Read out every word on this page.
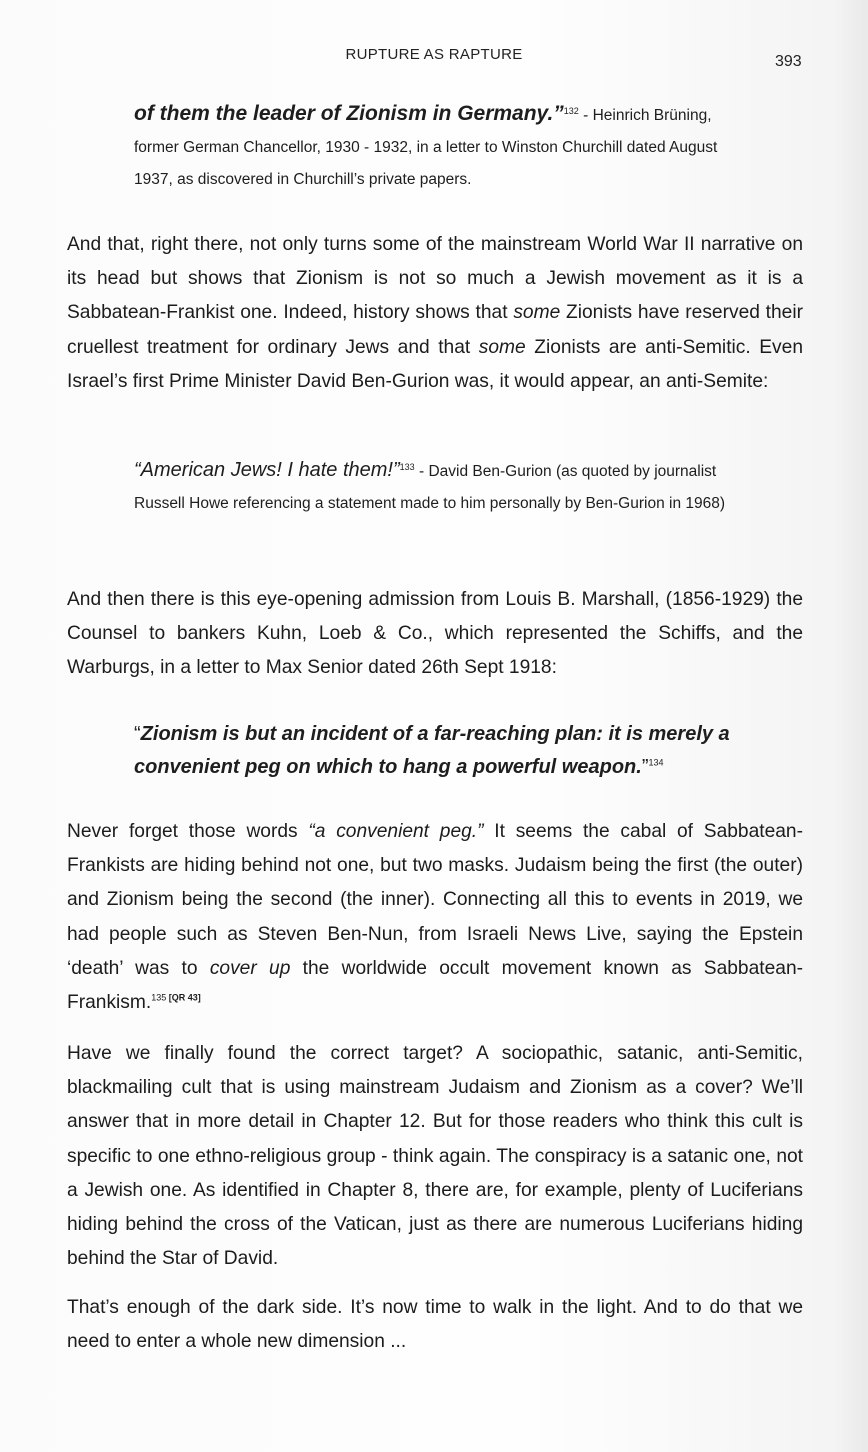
RUPTURE AS RAPTURE	393
of them the leader of Zionism in Germany.”$^{132}$ - Heinrich Brüning, former German Chancellor, 1930 - 1932, in a letter to Winston Churchill dated August 1937, as discovered in Churchill’s private papers.
And that, right there, not only turns some of the mainstream World War II narrative on its head but shows that Zionism is not so much a Jewish movement as it is a Sabbatean-Frankist one. Indeed, history shows that some Zionists have reserved their cruellest treatment for ordinary Jews and that some Zionists are anti-Semitic. Even Israel’s first Prime Minister David Ben-Gurion was, it would appear, an anti-Semite:
“American Jews! I hate them!”$^{133}$ - David Ben-Gurion (as quoted by journalist Russell Howe referencing a statement made to him personally by Ben-Gurion in 1968)
And then there is this eye-opening admission from Louis B. Marshall, (1856-1929) the Counsel to bankers Kuhn, Loeb & Co., which represented the Schiffs, and the Warburgs, in a letter to Max Senior dated 26th Sept 1918:
“Zionism is but an incident of a far-reaching plan: it is merely a convenient peg on which to hang a powerful weapon.”$^{134}$
Never forget those words “a convenient peg.” It seems the cabal of Sabbatean-Frankists are hiding behind not one, but two masks. Judaism being the first (the outer) and Zionism being the second (the inner). Connecting all this to events in 2019, we had people such as Steven Ben-Nun, from Israeli News Live, saying the Epstein ‘death’ was to cover up the worldwide occult movement known as Sabbatean-Frankism.$^{135}$ [QR 43]
Have we finally found the correct target? A sociopathic, satanic, anti-Semitic, blackmailing cult that is using mainstream Judaism and Zionism as a cover? We’ll answer that in more detail in Chapter 12. But for those readers who think this cult is specific to one ethno-religious group - think again. The conspiracy is a satanic one, not a Jewish one. As identified in Chapter 8, there are, for example, plenty of Luciferians hiding behind the cross of the Vatican, just as there are numerous Luciferians hiding behind the Star of David.
That’s enough of the dark side. It’s now time to walk in the light. And to do that we need to enter a whole new dimension ...
